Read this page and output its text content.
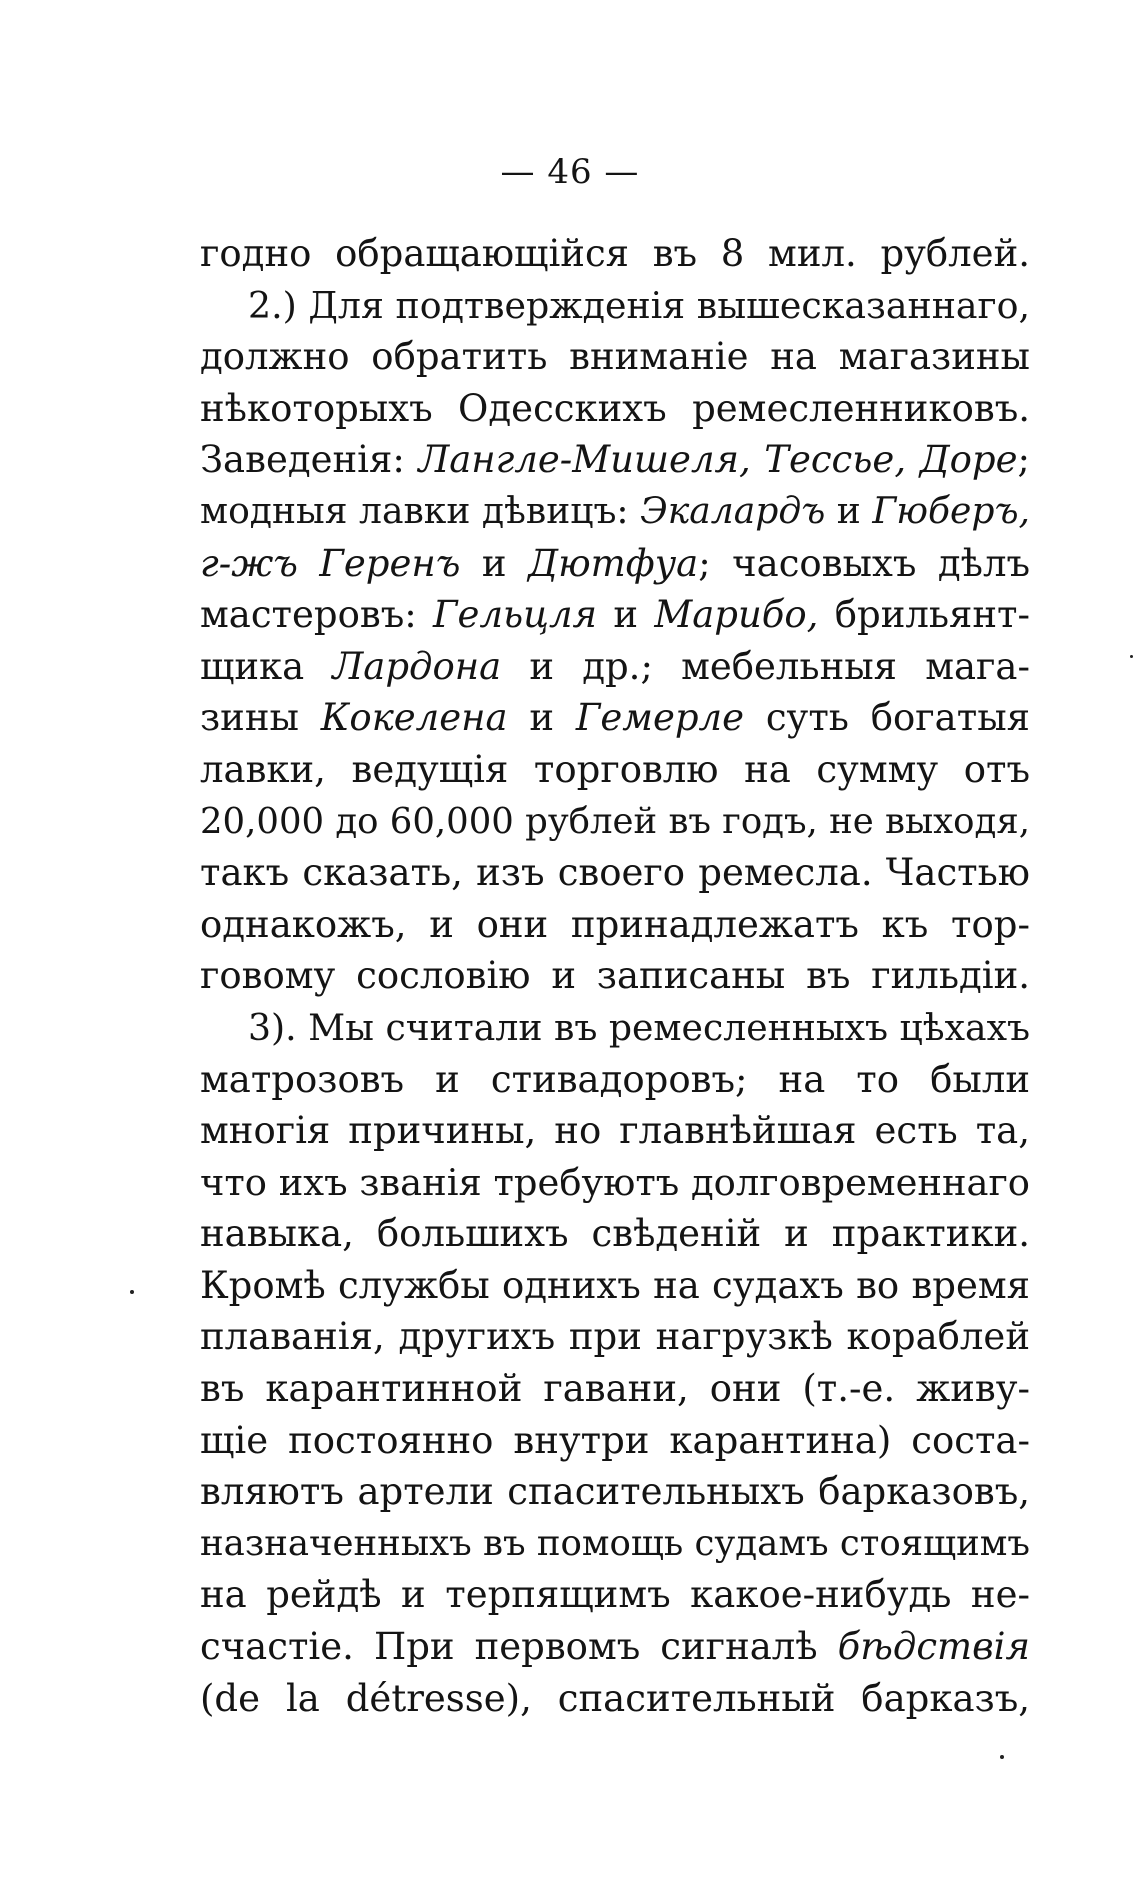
— 46 —
годно обращающійся въ 8 мил. рублей.
2.) Для подтвержденія вышесказаннаго,
должно обратить вниманіе на магазины
нѣкоторыхъ Одесскихъ ремесленниковъ.
Заведенія: Лангле-Мишеля, Тессье, Доре;
модныя лавки дѣвицъ: Экалардъ и Гюберъ,
г-жъ Геренъ и Дютфуа; часовыхъ дѣлъ
мастеровъ: Гельцля и Марибо, брильянт-
щика Лардона и др.; мебельныя мага-
зины Кокелена и Гемерле суть богатыя
лавки, ведущія торговлю на сумму отъ
20,000 до 60,000 рублей въ годъ, не выходя,
такъ сказать, изъ своего ремесла. Частью
однакожъ, и они принадлежатъ къ тор-
говому сословію и записаны въ гильдіи.
3). Мы считали въ ремесленныхъ цѣхахъ
матрозовъ и стивадоровъ; на то были
многія причины, но главнѣйшая есть та,
что ихъ званія требуютъ долговременнаго
навыка, большихъ свѣденій и практики.
Кромѣ службы однихъ на судахъ во время
плаванія, другихъ при нагрузкѣ кораблей
въ карантинной гавани, они (т.-е. живу-
щіе постоянно внутри карантина) соста-
вляютъ артели спасительныхъ барказовъ,
назначенныхъ въ помощь судамъ стоящимъ
на рейдѣ и терпящимъ какое-нибудь не-
счастіе. При первомъ сигналѣ бѣдствія
(de la détresse), спасительный барказъ,
